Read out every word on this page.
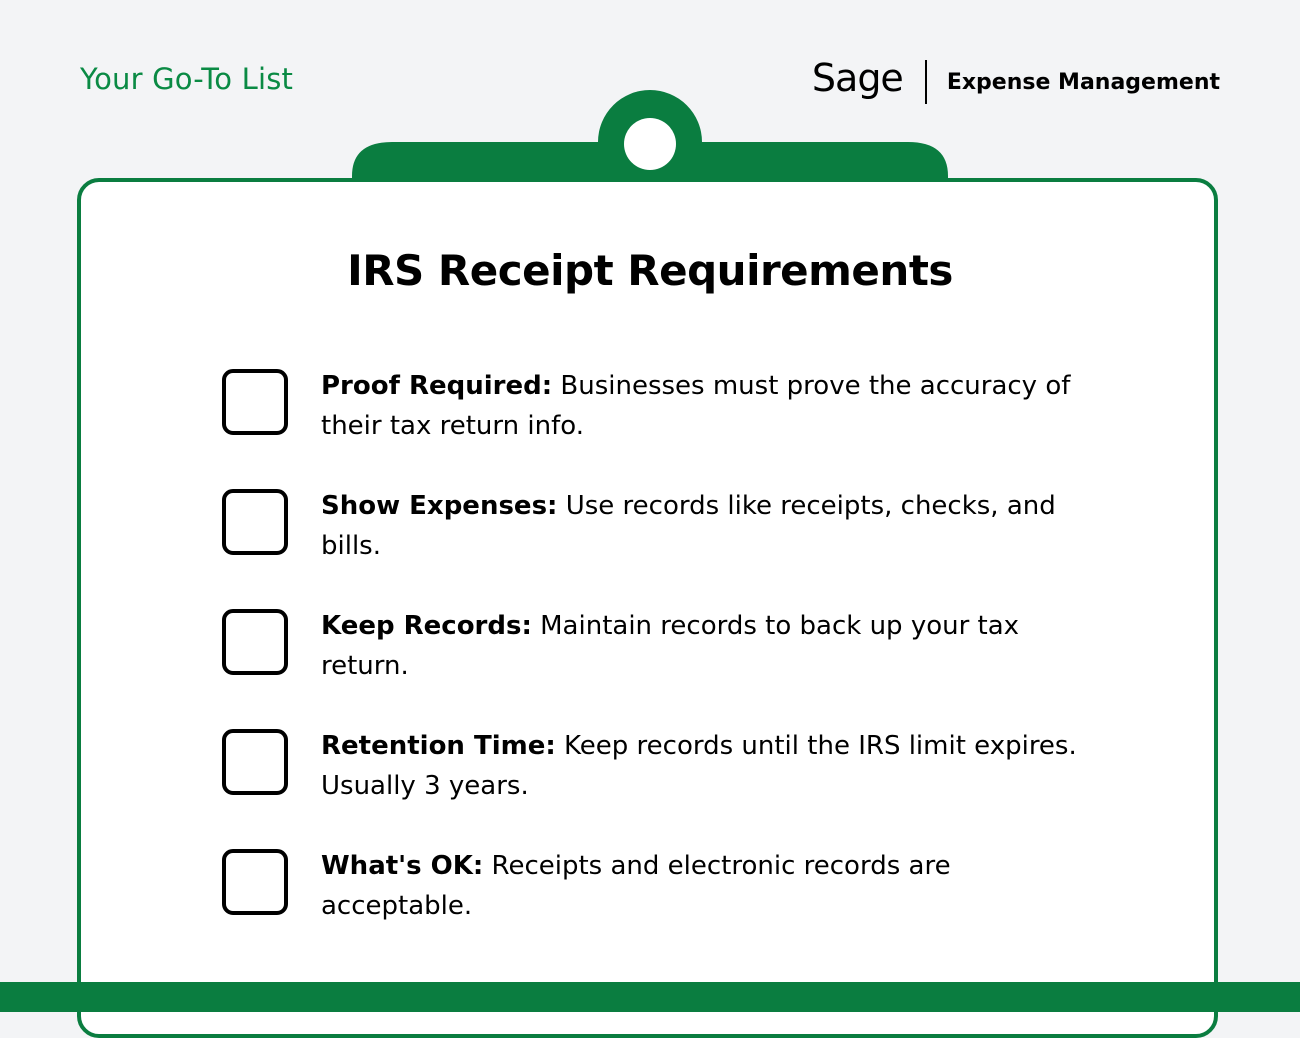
Your Go-To List	Sage Expense Management
IRS Receipt Requirements
Proof Required: Businesses must prove the accuracy of their tax return info.
Show Expenses: Use records like receipts, checks, and bills.
Keep Records: Maintain records to back up your tax return.
Retention Time: Keep records until the IRS limit expires. Usually 3 years.
What's OK: Receipts and electronic records are acceptable.
